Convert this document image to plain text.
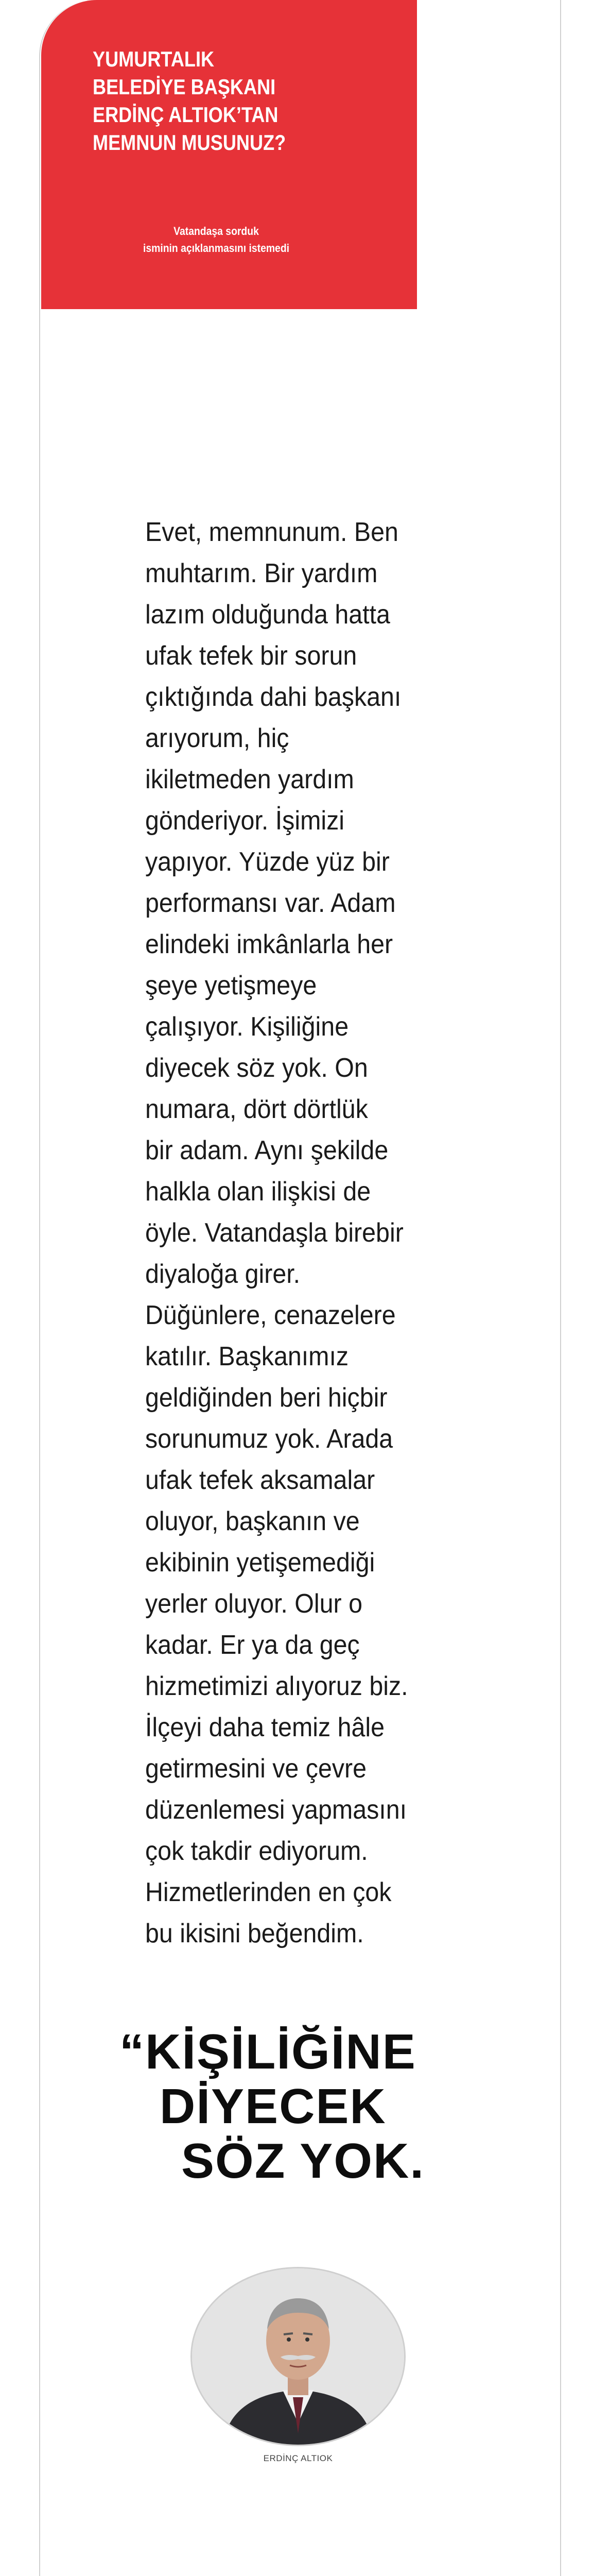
YUMURTALIK
BELEDİYE BAŞKANI
ERDİNÇ ALTIOK’TAN
MEMNUN MUSUNUZ?
Vatandaşa sorduk
isminin açıklanmasını istemedi

Evet, memnunum. Ben
muhtarım. Bir yardım
lazım olduğunda hatta
ufak tefek bir sorun
çıktığında dahi başkanı
arıyorum, hiç
ikiletmeden yardım
gönderiyor. İşimizi
yapıyor. Yüzde yüz bir
performansı var. Adam
elindeki imkânlarla her
şeye yetişmeye
çalışıyor. Kişiliğine
diyecek söz yok. On
numara, dört dörtlük
bir adam. Aynı şekilde
halkla olan ilişkisi de
öyle. Vatandaşla birebir
diyaloğa girer.
Düğünlere, cenazelere
katılır. Başkanımız
geldiğinden beri hiçbir
sorunumuz yok. Arada
ufak tefek aksamalar
oluyor, başkanın ve
ekibinin yetişemediği
yerler oluyor. Olur o
kadar. Er ya da geç
hizmetimizi alıyoruz biz.
İlçeyi daha temiz hâle
getirmesini ve çevre
düzenlemesi yapmasını
çok takdir ediyorum.
Hizmetlerinden en çok
bu ikisini beğendim.

“KİŞİLİĞİNE
DİYECEK
SÖZ YOK.
ERDİNÇ ALTIOK
